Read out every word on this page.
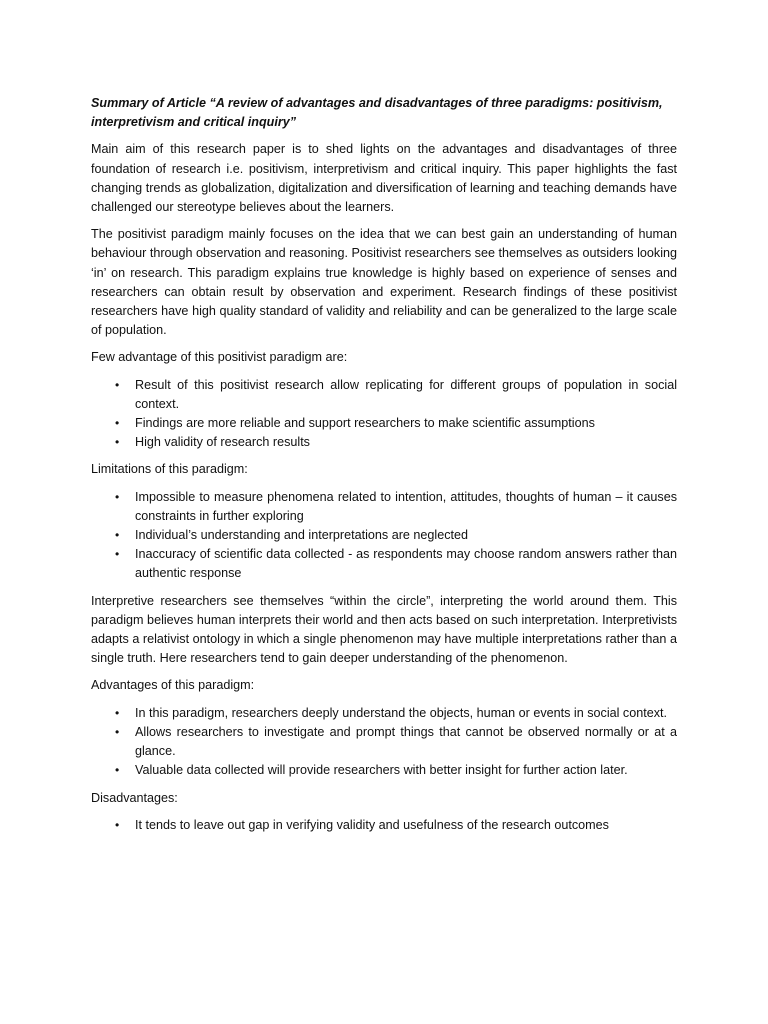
Summary of Article “A review of advantages and disadvantages of three paradigms: positivism, interpretivism and critical inquiry”

Main aim of this research paper is to shed lights on the advantages and disadvantages of three foundation of research i.e. positivism, interpretivism and critical inquiry. This paper highlights the fast changing trends as globalization, digitalization and diversification of learning and teaching demands have challenged our stereotype believes about the learners.

The positivist paradigm mainly focuses on the idea that we can best gain an understanding of human behaviour through observation and reasoning. Positivist researchers see themselves as outsiders looking ‘in’ on research. This paradigm explains true knowledge is highly based on experience of senses and researchers can obtain result by observation and experiment. Research findings of these positivist researchers have high quality standard of validity and reliability and can be generalized to the large scale of population.

Few advantage of this positivist paradigm are:

• Result of this positivist research allow replicating for different groups of population in social context.
• Findings are more reliable and support researchers to make scientific assumptions
• High validity of research results

Limitations of this paradigm:

• Impossible to measure phenomena related to intention, attitudes, thoughts of human – it causes constraints in further exploring
• Individual’s understanding and interpretations are neglected
• Inaccuracy of scientific data collected - as respondents may choose random answers rather than authentic response

Interpretive researchers see themselves “within the circle”, interpreting the world around them. This paradigm believes human interprets their world and then acts based on such interpretation. Interpretivists adapts a relativist ontology in which a single phenomenon may have multiple interpretations rather than a single truth. Here researchers tend to gain deeper understanding of the phenomenon.

Advantages of this paradigm:

• In this paradigm, researchers deeply understand the objects, human or events in social context.
• Allows researchers to investigate and prompt things that cannot be observed normally or at a glance.
• Valuable data collected will provide researchers with better insight for further action later.

Disadvantages:

• It tends to leave out gap in verifying validity and usefulness of the research outcomes
